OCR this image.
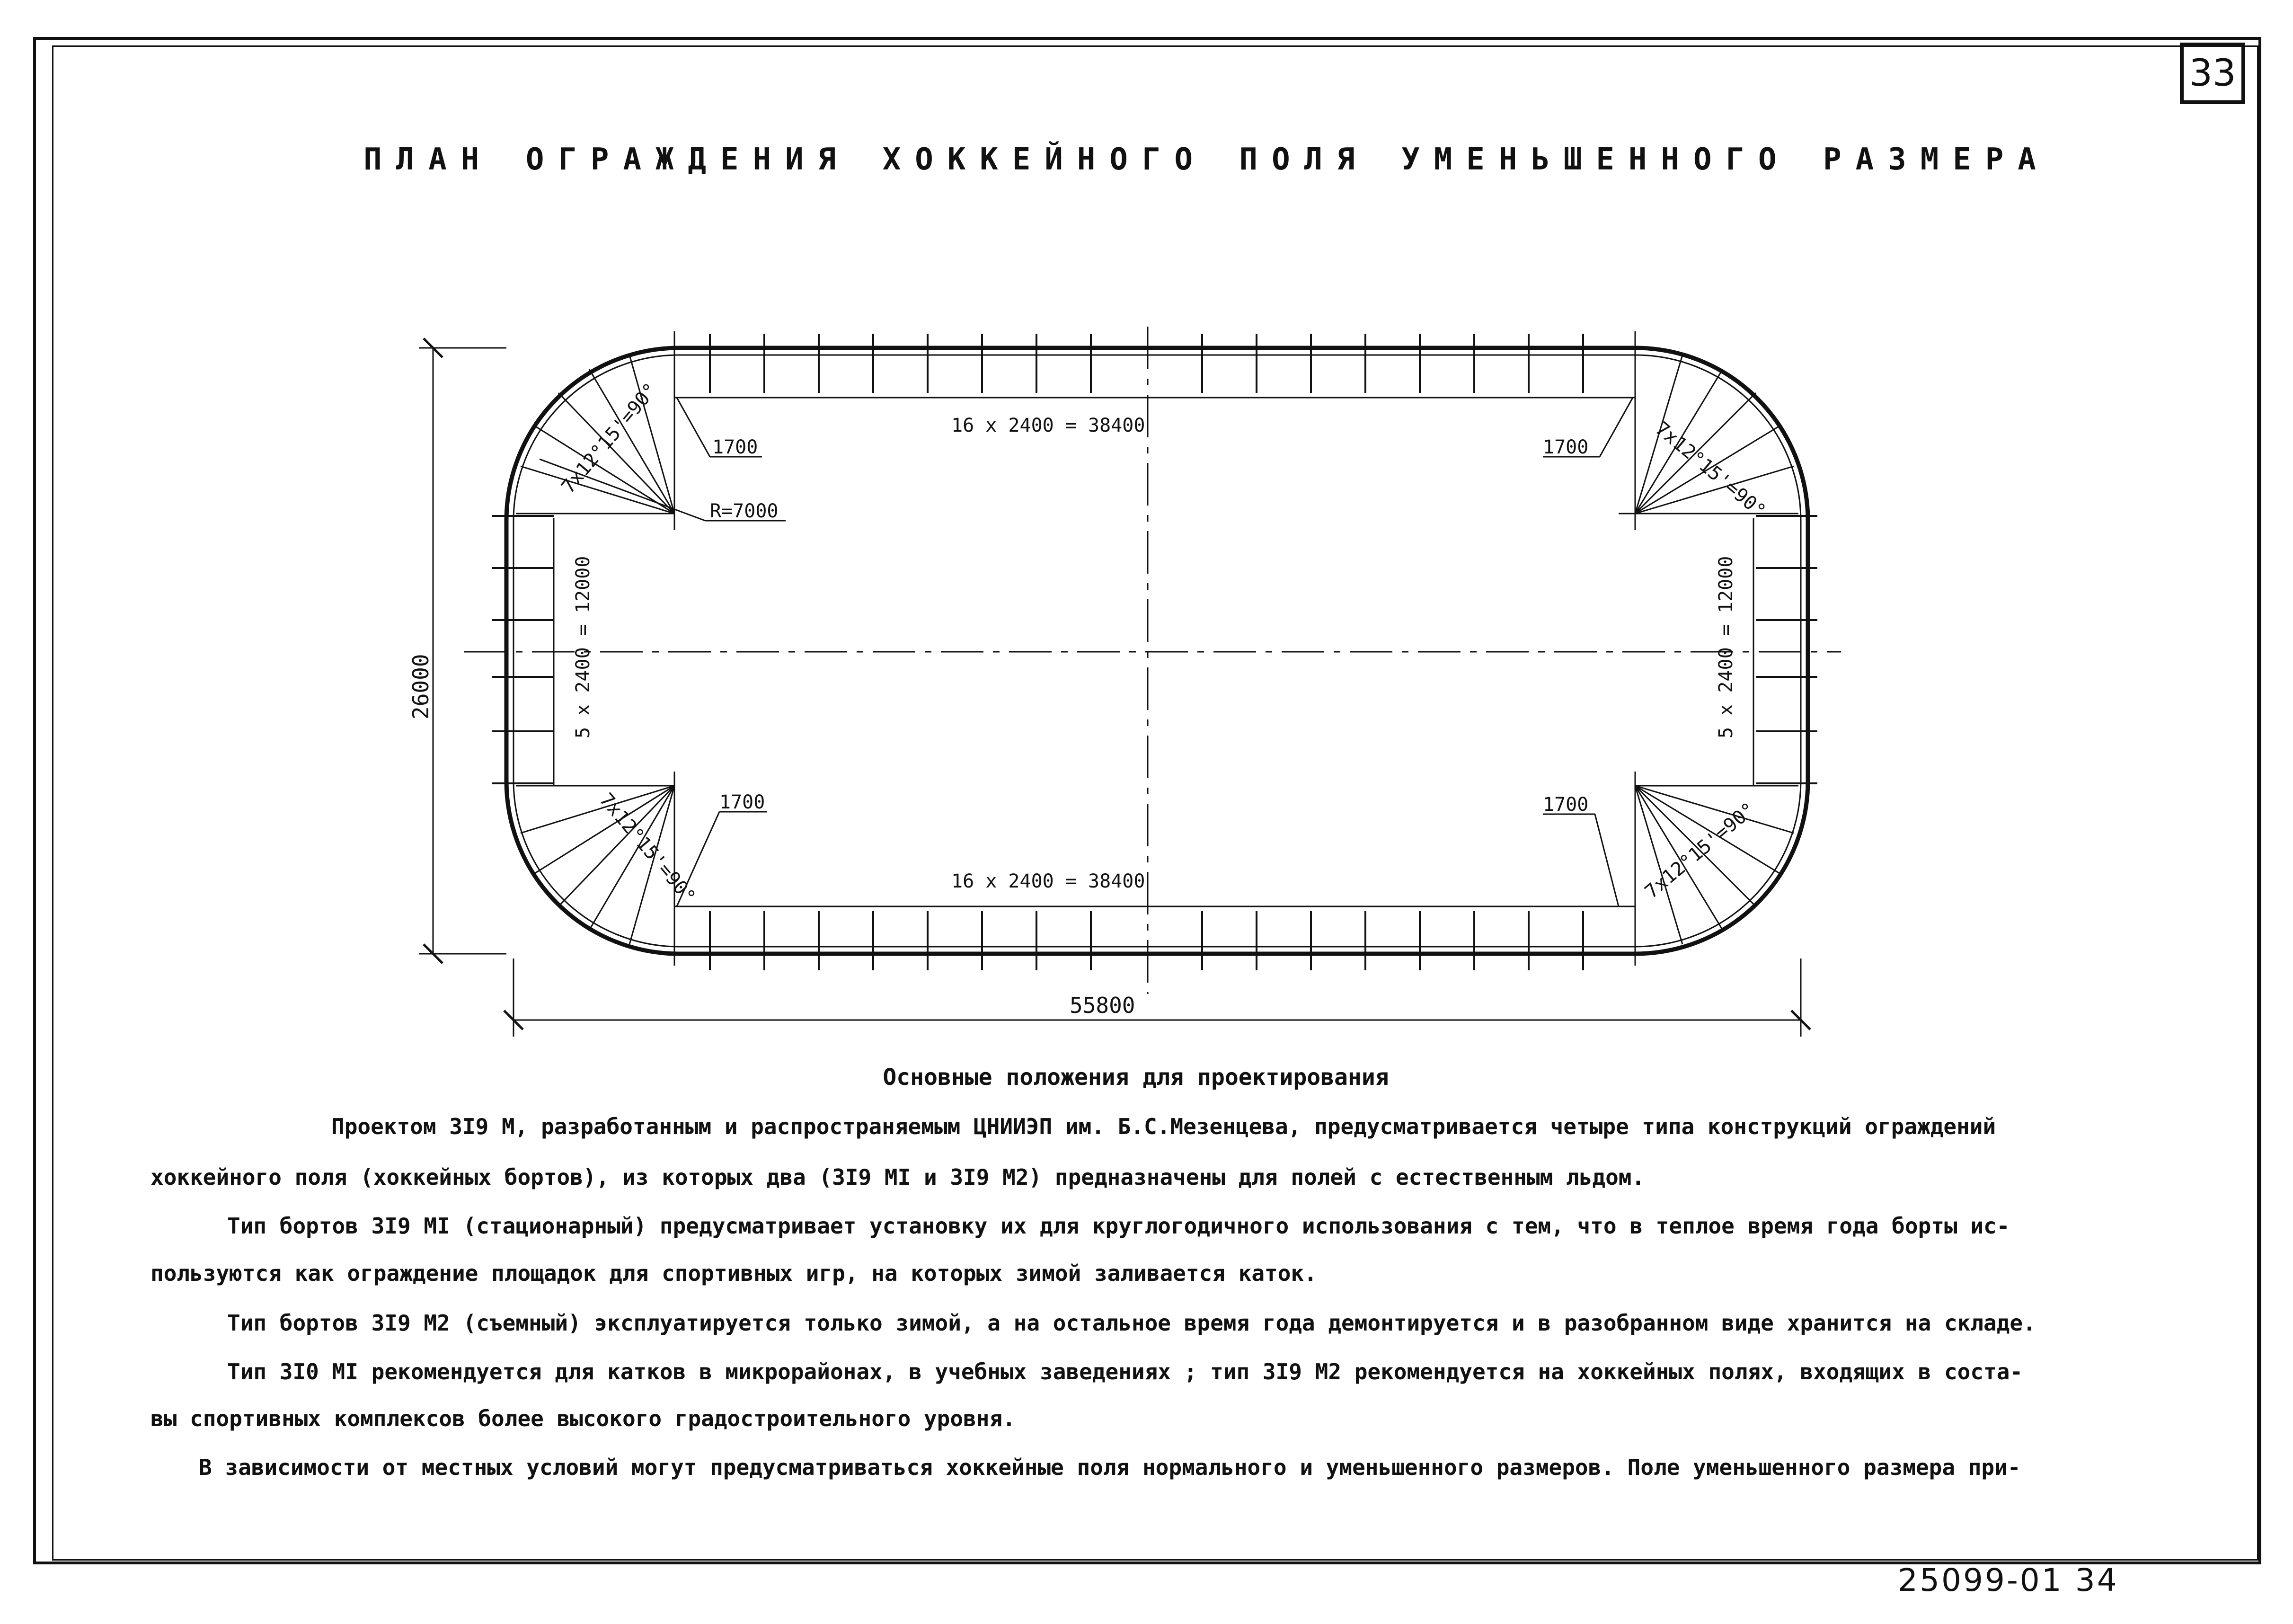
33
ПЛАН ОГРАЖДЕНИЯ ХОККЕЙНОГО ПОЛЯ УМЕНЬШЕННОГО РАЗМЕРА
55800
26000
16 x 2400 = 38400
16 x 2400 = 38400
5 x 2400 = 12000	5 x 2400 = 12000
7x12°15'=90°	7x12°15'=90°
7x12°15'=90°	7x12°15'=90°
1700	1700
1700	1700
R=7000
Основные положения для проектирования
Проектом 3I9 М, разработанным и распространяемым ЦНИИЭП им. Б.С.Мезенцева, предусматривается четыре типа конструкций ограждений
хоккейного поля (хоккейных бортов), из которых два (3I9 МI и 3I9 М2) предназначены для полей с естественным льдом.
Тип бортов 3I9 МI (стационарный) предусматривает установку их для круглогодичного использования с тем, что в теплое время года борты ис-
пользуются как ограждение площадок для спортивных игр, на которых зимой заливается каток.
Тип бортов 3I9 М2 (съемный) эксплуатируется только зимой, а на остальное время года демонтируется и в разобранном виде хранится на складе.
Тип 3I0 МI рекомендуется для катков в микрорайонах, в учебных заведениях ; тип 3I9 М2 рекомендуется на хоккейных полях, входящих в соста-
вы спортивных комплексов более высокого градостроительного уровня.
В зависимости от местных условий могут предусматриваться хоккейные поля нормального и уменьшенного размеров. Поле уменьшенного размера при-
25099-01 34
